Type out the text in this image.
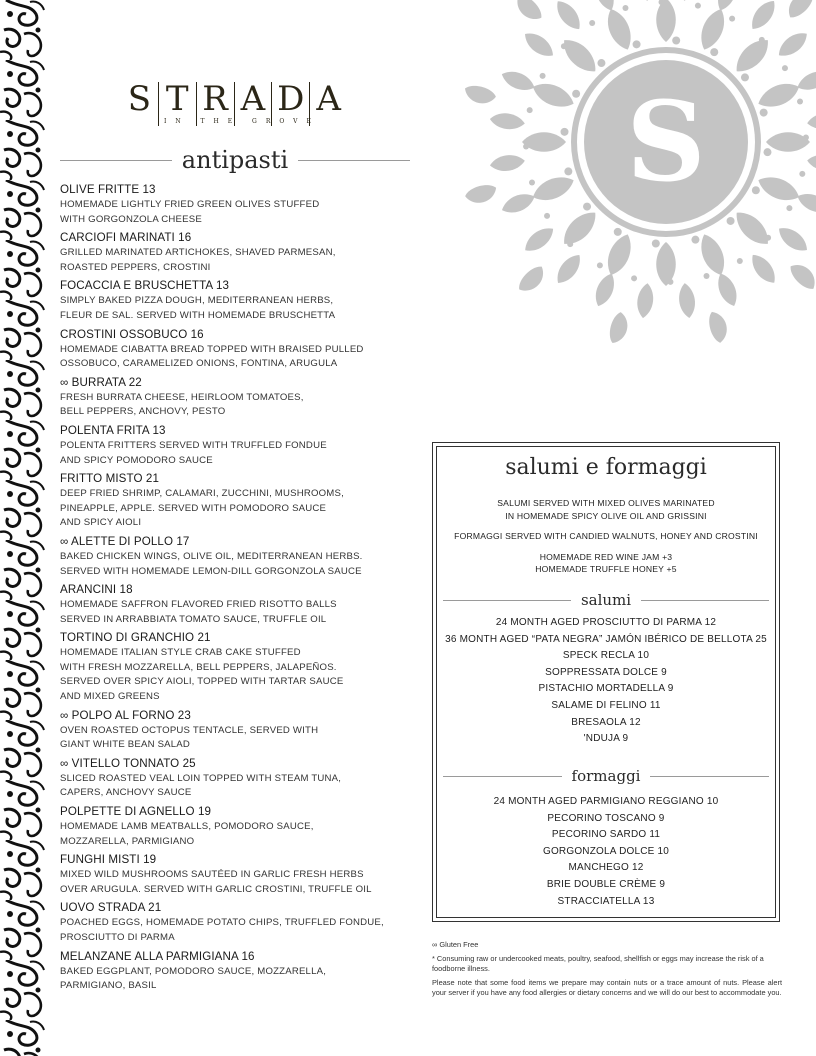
S T R A D A
IN THE GROVE
antipasti
OLIVE FRITTE 13
HOMEMADE LIGHTLY FRIED GREEN OLIVES STUFFED
WITH GORGONZOLA CHEESE
CARCIOFI MARINATI 16
GRILLED MARINATED ARTICHOKES, SHAVED PARMESAN,
ROASTED PEPPERS, CROSTINI
FOCACCIA E BRUSCHETTA 13
SIMPLY BAKED PIZZA DOUGH, MEDITERRANEAN HERBS,
FLEUR DE SAL. SERVED WITH HOMEMADE BRUSCHETTA
CROSTINI OSSOBUCO 16
HOMEMADE CIABATTA BREAD TOPPED WITH BRAISED PULLED
OSSOBUCO, CARAMELIZED ONIONS, FONTINA, ARUGULA
∞ BURRATA 22
FRESH BURRATA CHEESE, HEIRLOOM TOMATOES,
BELL PEPPERS, ANCHOVY, PESTO
POLENTA FRITA 13
POLENTA FRITTERS SERVED WITH TRUFFLED FONDUE
AND SPICY POMODORO SAUCE
FRITTO MISTO 21
DEEP FRIED SHRIMP, CALAMARI, ZUCCHINI, MUSHROOMS,
PINEAPPLE, APPLE. SERVED WITH POMODORO SAUCE
AND SPICY AIOLI
∞ ALETTE DI POLLO 17
BAKED CHICKEN WINGS, OLIVE OIL, MEDITERRANEAN HERBS.
SERVED WITH HOMEMADE LEMON-DILL GORGONZOLA SAUCE
ARANCINI 18
HOMEMADE SAFFRON FLAVORED FRIED RISOTTO BALLS
SERVED IN ARRABBIATA TOMATO SAUCE, TRUFFLE OIL
TORTINO DI GRANCHIO 21
HOMEMADE ITALIAN STYLE CRAB CAKE STUFFED
WITH FRESH MOZZARELLA, BELL PEPPERS, JALAPEÑOS.
SERVED OVER SPICY AIOLI, TOPPED WITH TARTAR SAUCE
AND MIXED GREENS
∞ POLPO AL FORNO 23
OVEN ROASTED OCTOPUS TENTACLE, SERVED WITH
GIANT WHITE BEAN SALAD
∞ VITELLO TONNATO 25
SLICED ROASTED VEAL LOIN TOPPED WITH STEAM TUNA,
CAPERS, ANCHOVY SAUCE
POLPETTE DI AGNELLO 19
HOMEMADE LAMB MEATBALLS, POMODORO SAUCE,
MOZZARELLA, PARMIGIANO
FUNGHI MISTI 19
MIXED WILD MUSHROOMS SAUTÉED IN GARLIC FRESH HERBS
OVER ARUGULA. SERVED WITH GARLIC CROSTINI, TRUFFLE OIL
UOVO STRADA 21
POACHED EGGS, HOMEMADE POTATO CHIPS, TRUFFLED FONDUE,
PROSCIUTTO DI PARMA
MELANZANE ALLA PARMIGIANA 16
BAKED EGGPLANT, POMODORO SAUCE, MOZZARELLA,
PARMIGIANO, BASIL
S
salumi e formaggi
SALUMI SERVED WITH MIXED OLIVES MARINATED
IN HOMEMADE SPICY OLIVE OIL AND GRISSINI
FORMAGGI SERVED WITH CANDIED WALNUTS, HONEY AND CROSTINI
HOMEMADE RED WINE JAM +3
HOMEMADE TRUFFLE HONEY +5
salumi
24 MONTH AGED PROSCIUTTO DI PARMA 12
36 MONTH AGED “PATA NEGRA” JAMÓN IBÉRICO DE BELLOTA 25
SPECK RECLA 10
SOPPRESSATA DOLCE 9
PISTACHIO MORTADELLA 9
SALAME DI FELINO 11
BRESAOLA 12
'NDUJA 9
formaggi
24 MONTH AGED PARMIGIANO REGGIANO 10
PECORINO TOSCANO 9
PECORINO SARDO 11
GORGONZOLA DOLCE 10
MANCHEGO 12
BRIE DOUBLE CRÈME 9
STRACCIATELLA 13

∞ Gluten Free

* Consuming raw or undercooked meats, poultry, seafood, shellfish or eggs may increase the risk of a foodborne illness.

Please note that some food items we prepare may contain nuts or a trace amount of nuts. Please alert your server if you have any food allergies or dietary concerns and we will do our best to accommodate you.
